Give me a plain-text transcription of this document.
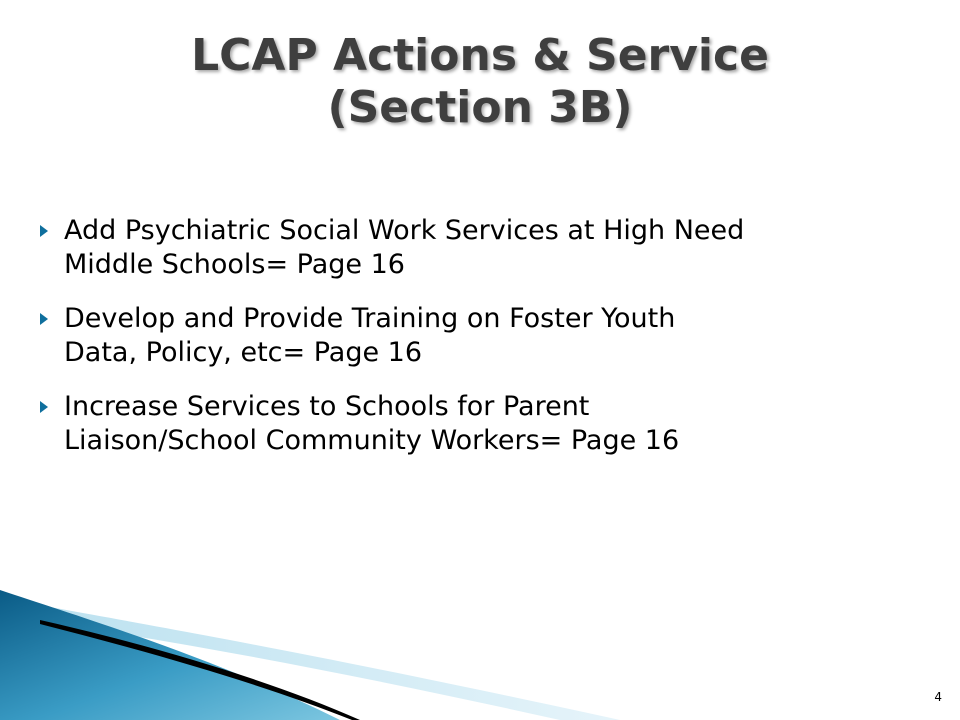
LCAP Actions & Service
(Section 3B)
Add Psychiatric Social Work Services at High Need
Middle Schools= Page 16
Develop and Provide Training on Foster Youth
Data, Policy, etc= Page 16
Increase Services to Schools for Parent
Liaison/School Community Workers= Page 16
4
